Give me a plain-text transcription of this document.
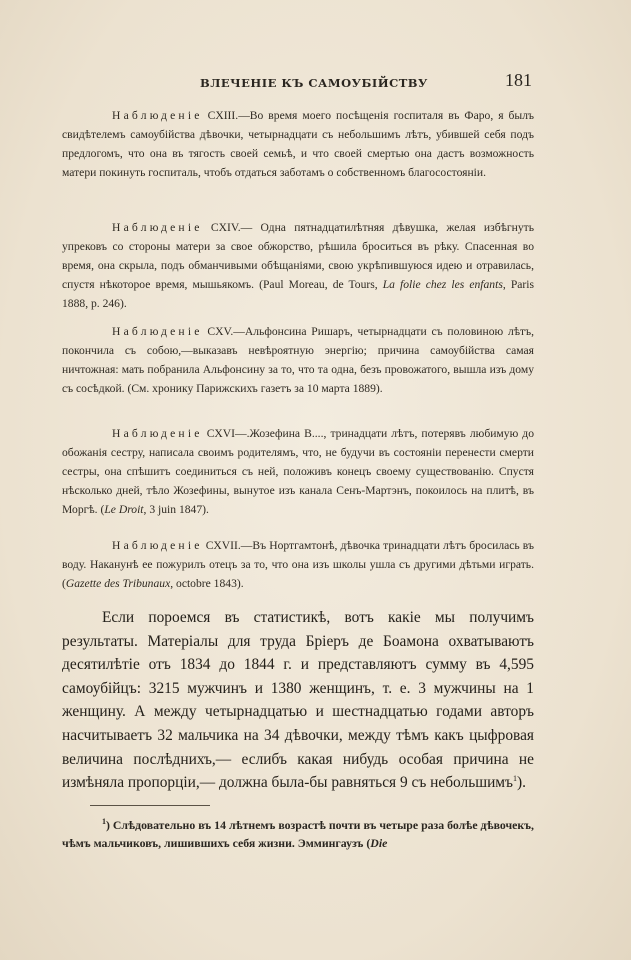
ВЛЕЧЕНІЕ КЪ САМОУБІЙСТВУ	181
Наблюденіе CXIII.—Во время моего посѣщенія госпиталя въ Фаро, я былъ свидѣтелемъ самоубійства дѣвочки, четырнадцати съ небольшимъ лѣтъ, убившей себя подъ предлогомъ, что она въ тягость своей семьѣ, и что своей смертью она дастъ возможность матери покинуть госпиталь, чтобъ отдаться заботамъ о собственномъ благосостояніи.
Наблюденіе CXIV.— Одна пятнадцатилѣтняя дѣвушка, желая избѣгнуть упрековъ со стороны матери за свое обжорство, рѣшила броситься въ рѣку. Спасенная во время, она скрыла, подъ обманчивыми обѣщаніями, свою укрѣпившуюся идею и отравилась, спустя нѣкоторое время, мышьякомъ. (Paul Moreau, de Tours, La folie chez les enfants, Paris 1888, p. 246).
Наблюденіе CXV.—Альфонсина Ришаръ, четырнадцати съ половиною лѣтъ, покончила съ собою,—выказавъ невѣроятную энергію; причина самоубійства самая ничтожная: мать побранила Альфонсину за то, что та одна, безъ провожатого, вышла изъ дому съ сосѣдкой. (См. хронику Парижскихъ газетъ за 10 марта 1889).
Наблюденіе CXVI—.Жозефина В...., тринадцати лѣтъ, потерявъ любимую до обожанія сестру, написала своимъ родителямъ, что, не будучи въ состояніи перенести смерти сестры, она спѣшитъ соединиться съ ней, положивъ конецъ своему существованію. Спустя нѣсколько дней, тѣло Жозефины, вынутое изъ канала Сенъ-Мартэнъ, покоилось на плитѣ, въ Моргѣ. (Le Droit, 3 juin 1847).
Наблюденіе CXVII.—Въ Нортгамтонѣ, дѣвочка тринадцати лѣтъ бросилась въ воду. Наканунѣ ее пожурилъ отецъ за то, что она изъ школы ушла съ другими дѣтьми играть. (Gazette des Tribunaux, octobre 1843).
Если пороемся въ статистикѣ, вотъ какіе мы получимъ результаты. Матеріалы для труда Бріеръ де Боамона охватываютъ десятилѣтіе отъ 1834 до 1844 г. и представляютъ сумму въ 4,595 самоубійцъ: 3215 мужчинъ и 1380 женщинъ, т. е. 3 мужчины на 1 женщину. А между четырнадцатью и шестнадцатью годами авторъ насчитываетъ 32 мальчика на 34 дѣвочки, между тѣмъ какъ цыфровая величина послѣднихъ,— еслибъ какая нибудь особая причина не измѣняла пропорціи,— должна была-бы равняться 9 съ небольшимъ$^1$).
$^1$) Слѣдовательно въ 14 лѣтнемъ возрастѣ почти въ четыре раза болѣе дѣвочекъ, чѣмъ мальчиковъ, лишившихъ себя жизни. Эммингаузъ (Die
